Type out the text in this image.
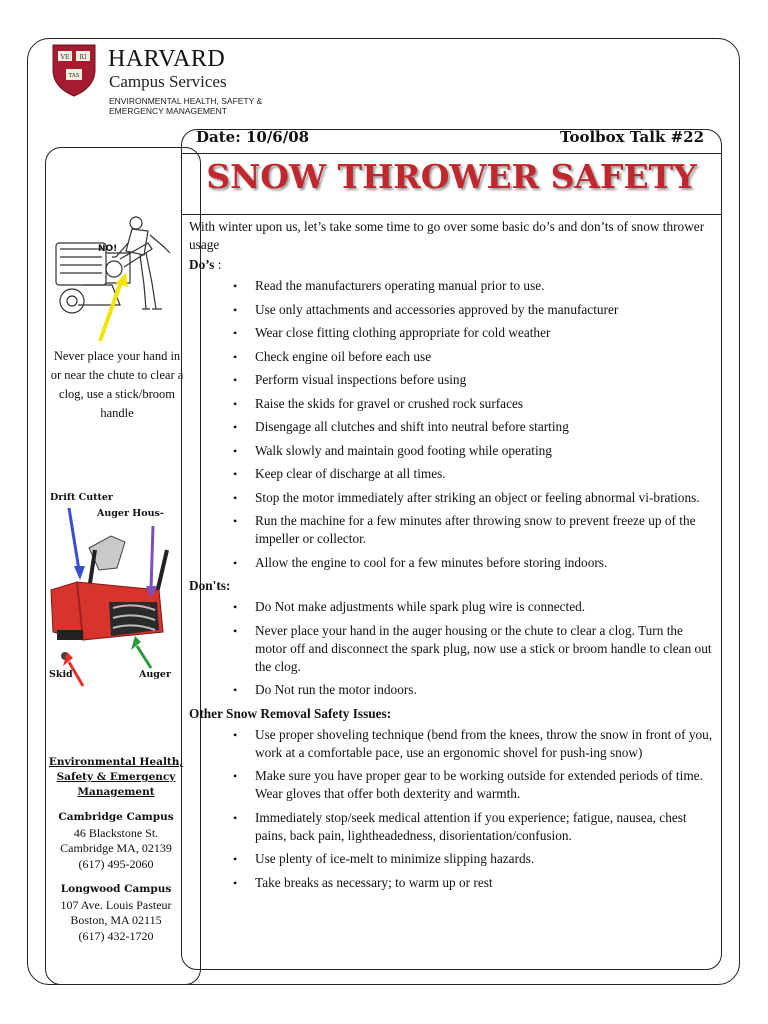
VE RI
TAS
HARVARD
Campus Services
ENVIRONMENTAL HEALTH, SAFETY &
EMERGENCY MANAGEMENT
NO!
Never place your hand in or near the chute to clear a clog, use a stick/broom handle
Drift Cutter
Auger Hous-
Skid	Auger
Environmental Health, Safety & Emergency Management
Cambridge Campus
46 Blackstone St.
Cambridge MA, 02139
(617) 495-2060
Longwood Campus
107 Ave. Louis Pasteur
Boston, MA 02115
(617) 432-1720
Date: 10/6/08	Toolbox Talk #22
SNOW THROWER SAFETY

With winter upon us, let’s take some time to go over some basic do’s and don’ts of snow thrower usage

Do’s :
• Read the manufacturers operating manual prior to use.
• Use only attachments and accessories approved by the manufacturer
• Wear close fitting clothing appropriate for cold weather
• Check engine oil before each use
• Perform visual inspections before using
• Raise the skids for gravel or crushed rock surfaces
• Disengage all clutches and shift into neutral before starting
• Walk slowly and maintain good footing while operating
• Keep clear of discharge at all times.
• Stop the motor immediately after striking an object or feeling abnormal vi-brations.
• Run the machine for a few minutes after throwing snow to prevent freeze up of the impeller or collector.
• Allow the engine to cool for a few minutes before storing indoors.
Don'ts:
• Do Not make adjustments while spark plug wire is connected.
• Never place your hand in the auger housing or the chute to clear a clog. Turn the motor off and disconnect the spark plug, now use a stick or broom handle to clean out the clog.
• Do Not run the motor indoors.
Other Snow Removal Safety Issues:
• Use proper shoveling technique (bend from the knees, throw the snow in front of you, work at a comfortable pace, use an ergonomic shovel for push-ing snow)
• Make sure you have proper gear to be working outside for extended periods of time. Wear gloves that offer both dexterity and warmth.
• Immediately stop/seek medical attention if you experience; fatigue, nausea, chest pains, back pain, lightheadedness, disorientation/confusion.
• Use plenty of ice-melt to minimize slipping hazards.
• Take breaks as necessary; to warm up or rest
